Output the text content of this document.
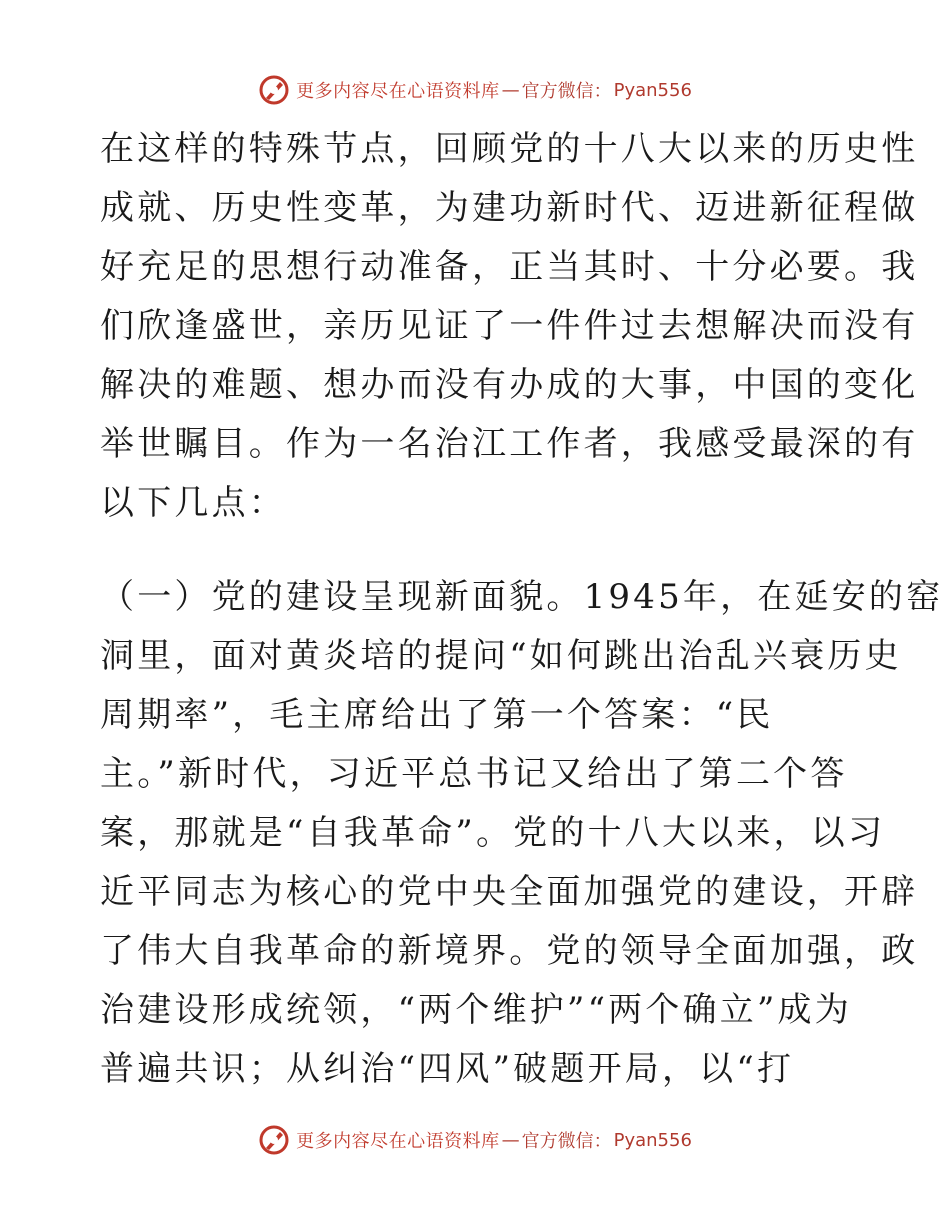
更多内容尽在心语资料库 — 官方微信： Pyan556
在这样的特殊节点，回顾党的十八大以来的历史性
成就、历史性变革，为建功新时代、迈进新征程做
好充足的思想行动准备，正当其时、十分必要。我
们欣逢盛世，亲历见证了一件件过去想解决而没有
解决的难题、想办而没有办成的大事，中国的变化
举世瞩目。作为一名治江工作者，我感受最深的有
以下几点：
（一）党的建设呈现新面貌。1945年，在延安的窑
洞里，面对黄炎培的提问“如何跳出治乱兴衰历史
周期率”，毛主席给出了第一个答案：“民
主。”新时代，习近平总书记又给出了第二个答
案，那就是“自我革命”。党的十八大以来，以习
近平同志为核心的党中央全面加强党的建设，开辟
了伟大自我革命的新境界。党的领导全面加强，政
治建设形成统领，“两个维护”“两个确立”成为
普遍共识；从纠治“四风”破题开局，以“打
更多内容尽在心语资料库 — 官方微信： Pyan556
